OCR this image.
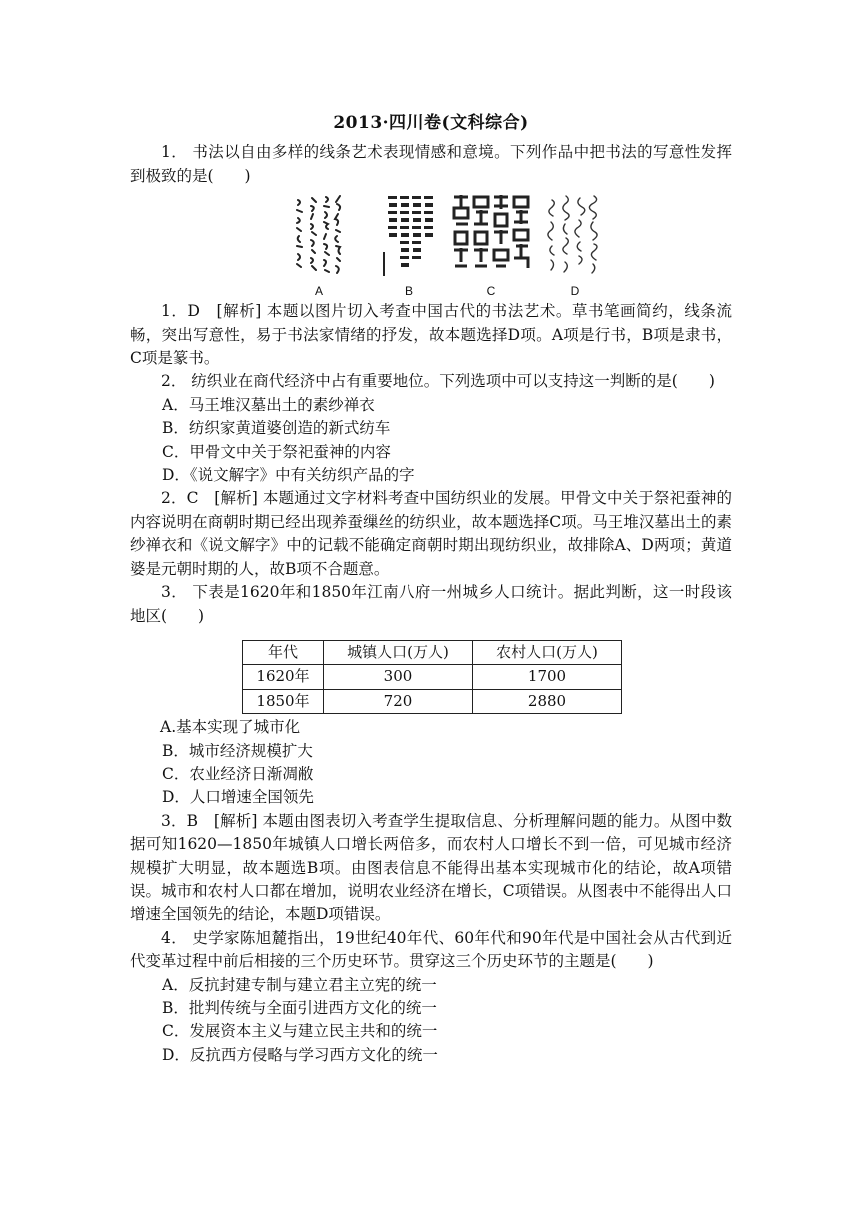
2013·四川卷(文科综合)

1． 书法以自由多样的线条艺术表现情感和意境。下列作品中把书法的写意性发挥到极致的是(　　)

A	B	C	D

1．D　[解析] 本题以图片切入考查中国古代的书法艺术。草书笔画简约，线条流畅，突出写意性，易于书法家情绪的抒发，故本题选择D项。A项是行书，B项是隶书，C项是篆书。

2． 纺织业在商代经济中占有重要地位。下列选项中可以支持这一判断的是(　　)

A．马王堆汉墓出土的素纱禅衣

B．纺织家黄道婆创造的新式纺车

C．甲骨文中关于祭祀蚕神的内容

D．《说文解字》中有关纺织产品的字

2．C　[解析] 本题通过文字材料考查中国纺织业的发展。甲骨文中关于祭祀蚕神的内容说明在商朝时期已经出现养蚕缫丝的纺织业，故本题选择C项。马王堆汉墓出土的素纱禅衣和《说文解字》中的记载不能确定商朝时期出现纺织业，故排除A、D两项；黄道婆是元朝时期的人，故B项不合题意。

3． 下表是1620年和1850年江南八府一州城乡人口统计。据此判断，这一时段该地区(　　)

年代	城镇人口(万人)	农村人口(万人)
1620年	300	1700
1850年	720	2880

A.基本实现了城市化

B．城市经济规模扩大

C．农业经济日渐凋敝

D．人口增速全国领先

3．B　[解析] 本题由图表切入考查学生提取信息、分析理解问题的能力。从图中数据可知1620—1850年城镇人口增长两倍多，而农村人口增长不到一倍，可见城市经济规模扩大明显，故本题选B项。由图表信息不能得出基本实现城市化的结论，故A项错误。城市和农村人口都在增加，说明农业经济在增长，C项错误。从图表中不能得出人口增速全国领先的结论，本题D项错误。

4． 史学家陈旭麓指出，19世纪40年代、60年代和90年代是中国社会从古代到近代变革过程中前后相接的三个历史环节。贯穿这三个历史环节的主题是(　　)

A．反抗封建专制与建立君主立宪的统一

B．批判传统与全面引进西方文化的统一

C．发展资本主义与建立民主共和的统一

D．反抗西方侵略与学习西方文化的统一
